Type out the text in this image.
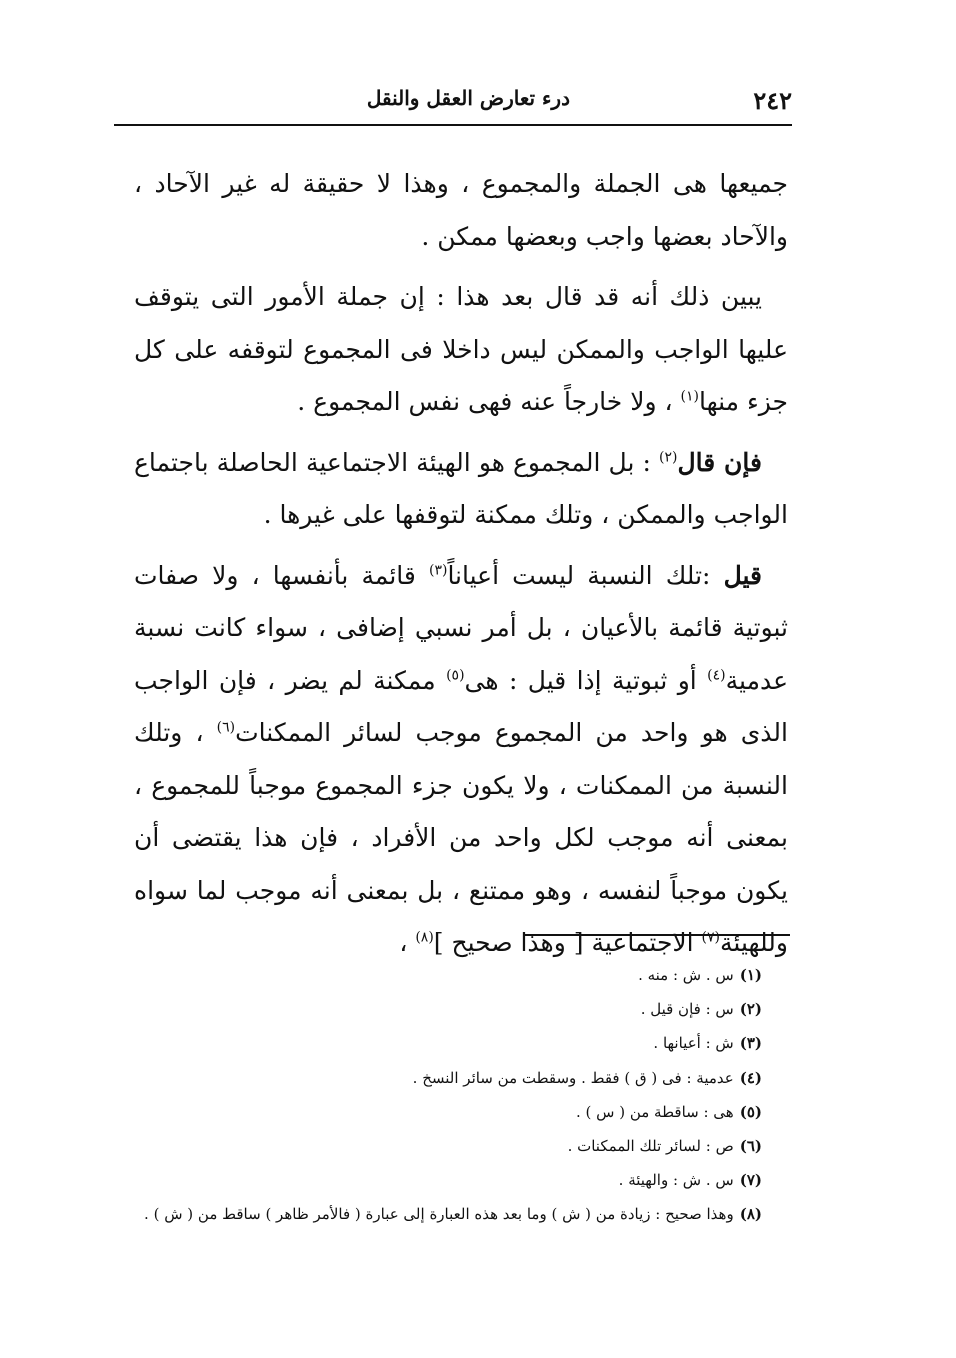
٢٤٢
درء تعارض العقل والنقل

جميعها هى الجملة والمجموع ، وهذا لا حقيقة له غير الآحاد ، والآحاد بعضها واجب وبعضها ممكن .

يبين ذلك أنه قد قال بعد هذا : إن جملة الأمور التى يتوقف عليها الواجب والممكن ليس داخلا فى المجموع لتوقفه على كل جزء منها$^{(١)}$ ، ولا خارجاً عنه فهى نفس المجموع .

فإن قال$^{(٢)}$ : بل المجموع هو الهيئة الاجتماعية الحاصلة باجتماع الواجب والممكن ، وتلك ممكنة لتوقفها على غيرها .

قيل :تلك النسبة ليست أعياناً$^{(٣)}$ قائمة بأنفسها ، ولا صفات ثبوتية قائمة بالأعيان ، بل أمر نسبي إضافى ، سواء كانت نسبة عدمية$^{(٤)}$ أو ثبوتية إذا قيل : هى$^{(٥)}$ ممكنة لم يضر ، فإن الواجب الذى هو واحد من المجموع موجب لسائر الممكنات$^{(٦)}$ ، وتلك النسبة من الممكنات ، ولا يكون جزء المجموع موجباً للمجموع ، بمعنى أنه موجب لكل واحد من الأفراد ، فإن هذا يقتضى أن يكون موجباً لنفسه ، وهو ممتنع ، بل بمعنى أنه موجب لما سواه وللهيئة$^{(٧)}$ الاجتماعية [ وهذا صحيح ]$^{(٨)}$ ،

(١)س . ش : منه .

(٢)س : فإن قيل .

(٣)ش : أعيانها .

(٤)عدمية : فى ( ق ) فقط . وسقطت من سائر النسخ .

(٥)هى : ساقطة من ( س ) .

(٦)ص : لسائر تلك الممكنات .

(٧)س . ش : والهيئة .

(٨)وهذا صحيح : زيادة من ( ش ) وما بعد هذه العبارة إلى عبارة ( فالأمر ظاهر ) ساقط من ( ش ) .
